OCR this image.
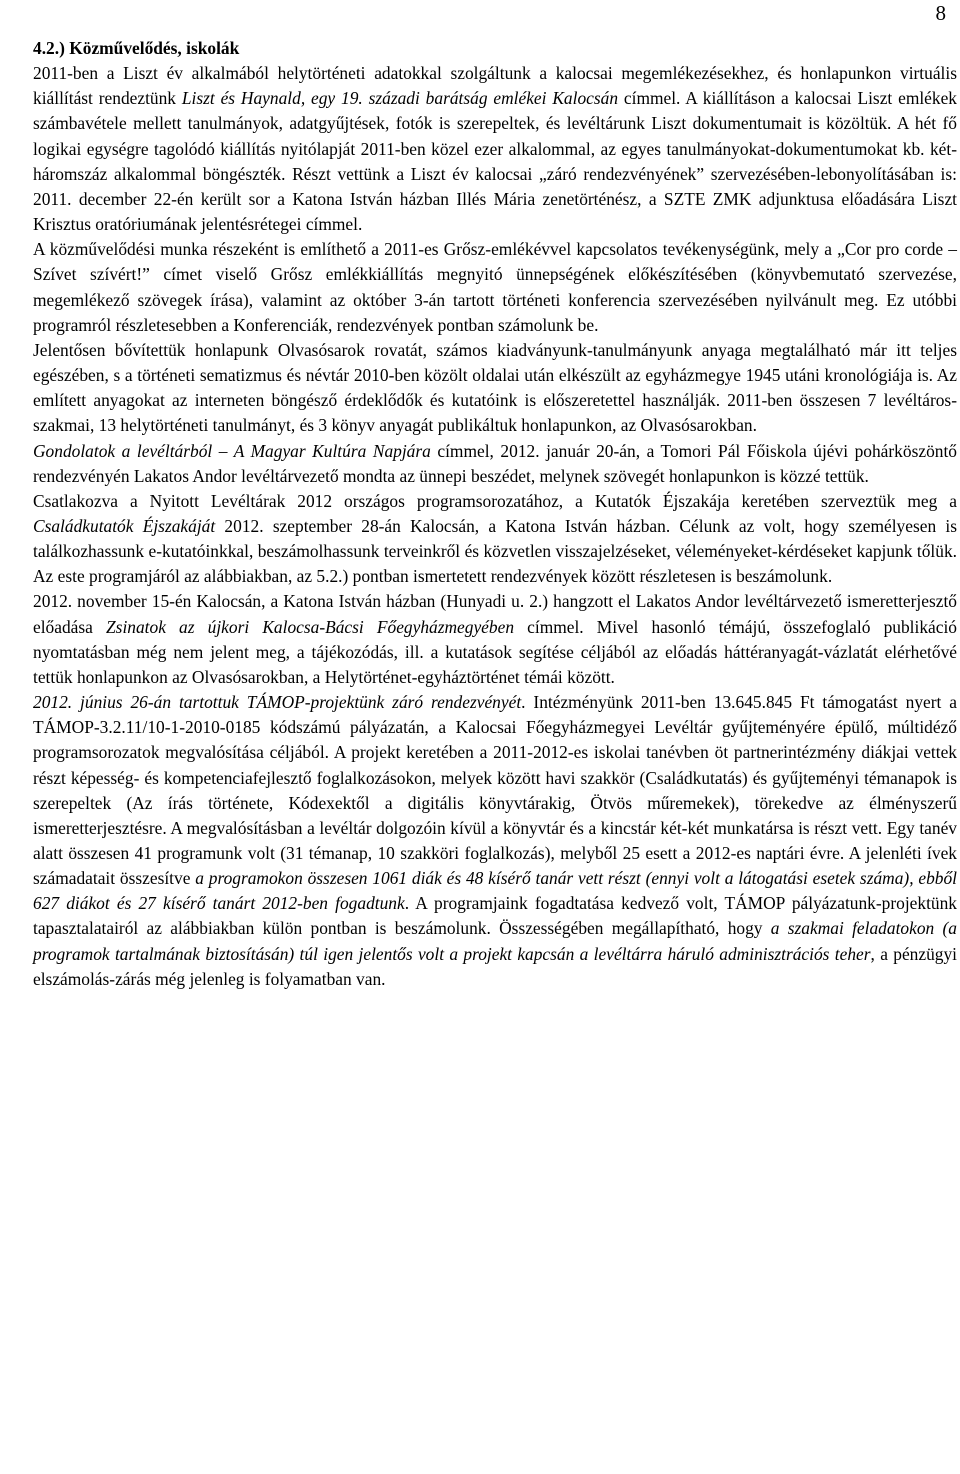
8
4.2.) Közművelődés, iskolák

2011-ben a Liszt év alkalmából helytörténeti adatokkal szolgáltunk a kalocsai megemlékezésekhez, és honlapunkon virtuális kiállítást rendeztünk Liszt és Haynald, egy 19. századi barátság emlékei Kalocsán címmel. A kiállításon a kalocsai Liszt emlékek számbavétele mellett tanulmányok, adatgyűjtések, fotók is szerepeltek, és levéltárunk Liszt dokumentumait is közöltük. A hét fő logikai egységre tagolódó kiállítás nyitólapját 2011-ben közel ezer alkalommal, az egyes tanulmányokat-dokumentumokat kb. két-háromszáz alkalommal böngészték. Részt vettünk a Liszt év kalocsai „záró rendezvényének” szervezésében-lebonyolításában is: 2011. december 22-én került sor a Katona István házban Illés Mária zenetörténész, a SZTE ZMK adjunktusa előadására Liszt Krisztus oratóriumának jelentésrétegei címmel.

A közművelődési munka részeként is említhető a 2011-es Grősz-emlékévvel kapcsolatos tevékenységünk, mely a „Cor pro corde – Szívet szívért!” címet viselő Grősz emlékkiállítás megnyitó ünnepségének előkészítésében (könyvbemutató szervezése, megemlékező szövegek írása), valamint az október 3-án tartott történeti konferencia szervezésében nyilvánult meg. Ez utóbbi programról részletesebben a Konferenciák, rendezvények pontban számolunk be.

Jelentősen bővítettük honlapunk Olvasósarok rovatát, számos kiadványunk-tanulmányunk anyaga megtalálható már itt teljes egészében, s a történeti sematizmus és névtár 2010-ben közölt oldalai után elkészült az egyházmegye 1945 utáni kronológiája is. Az említett anyagokat az interneten böngésző érdeklődők és kutatóink is előszeretettel használják. 2011-ben összesen 7 levéltáros-szakmai, 13 helytörténeti tanulmányt, és 3 könyv anyagát publikáltuk honlapunkon, az Olvasósarokban.

Gondolatok a levéltárból – A Magyar Kultúra Napjára címmel, 2012. január 20-án, a Tomori Pál Főiskola újévi pohárköszöntő rendezvényén Lakatos Andor levéltárvezető mondta az ünnepi beszédet, melynek szövegét honlapunkon is közzé tettük.

Csatlakozva a Nyitott Levéltárak 2012 országos programsorozatához, a Kutatók Éjszakája keretében szerveztük meg a Családkutatók Éjszakáját 2012. szeptember 28-án Kalocsán, a Katona István házban. Célunk az volt, hogy személyesen is találkozhassunk e-kutatóinkkal, beszámolhassunk terveinkről és közvetlen visszajelzéseket, véleményeket-kérdéseket kapjunk tőlük. Az este programjáról az alábbiakban, az 5.2.) pontban ismertetett rendezvények között részletesen is beszámolunk.

2012. november 15-én Kalocsán, a Katona István házban (Hunyadi u. 2.) hangzott el Lakatos Andor levéltárvezető ismeretterjesztő előadása Zsinatok az újkori Kalocsa-Bácsi Főegyházmegyében címmel. Mivel hasonló témájú, összefoglaló publikáció nyomtatásban még nem jelent meg, a tájékozódás, ill. a kutatások segítése céljából az előadás háttéranyagát-vázlatát elérhetővé tettük honlapunkon az Olvasósarokban, a Helytörténet-egyháztörténet témái között.

2012. június 26-án tartottuk TÁMOP-projektünk záró rendezvényét. Intézményünk 2011-ben 13.645.845 Ft támogatást nyert a TÁMOP-3.2.11/10-1-2010-0185 kódszámú pályázatán, a Kalocsai Főegyházmegyei Levéltár gyűjteményére épülő, múltidéző programsorozatok megvalósítása céljából. A projekt keretében a 2011-2012-es iskolai tanévben öt partnerintézmény diákjai vettek részt képesség- és kompetenciafejlesztő foglalkozásokon, melyek között havi szakkör (Családkutatás) és gyűjteményi témanapok is szerepeltek (Az írás története, Kódexektől a digitális könyvtárakig, Ötvös műremekek), törekedve az élményszerű ismeretterjesztésre. A megvalósításban a levéltár dolgozóin kívül a könyvtár és a kincstár két-két munkatársa is részt vett. Egy tanév alatt összesen 41 programunk volt (31 témanap, 10 szakköri foglalkozás), melyből 25 esett a 2012-es naptári évre. A jelenléti ívek számadatait összesítve a programokon összesen 1061 diák és 48 kísérő tanár vett részt (ennyi volt a látogatási esetek száma), ebből 627 diákot és 27 kísérő tanárt 2012-ben fogadtunk. A programjaink fogadtatása kedvező volt, TÁMOP pályázatunk-projektünk tapasztalatairól az alábbiakban külön pontban is beszámolunk. Összességében megállapítható, hogy a szakmai feladatokon (a programok tartalmának biztosításán) túl igen jelentős volt a projekt kapcsán a levéltárra háruló adminisztrációs teher, a pénzügyi elszámolás-zárás még jelenleg is folyamatban van.
